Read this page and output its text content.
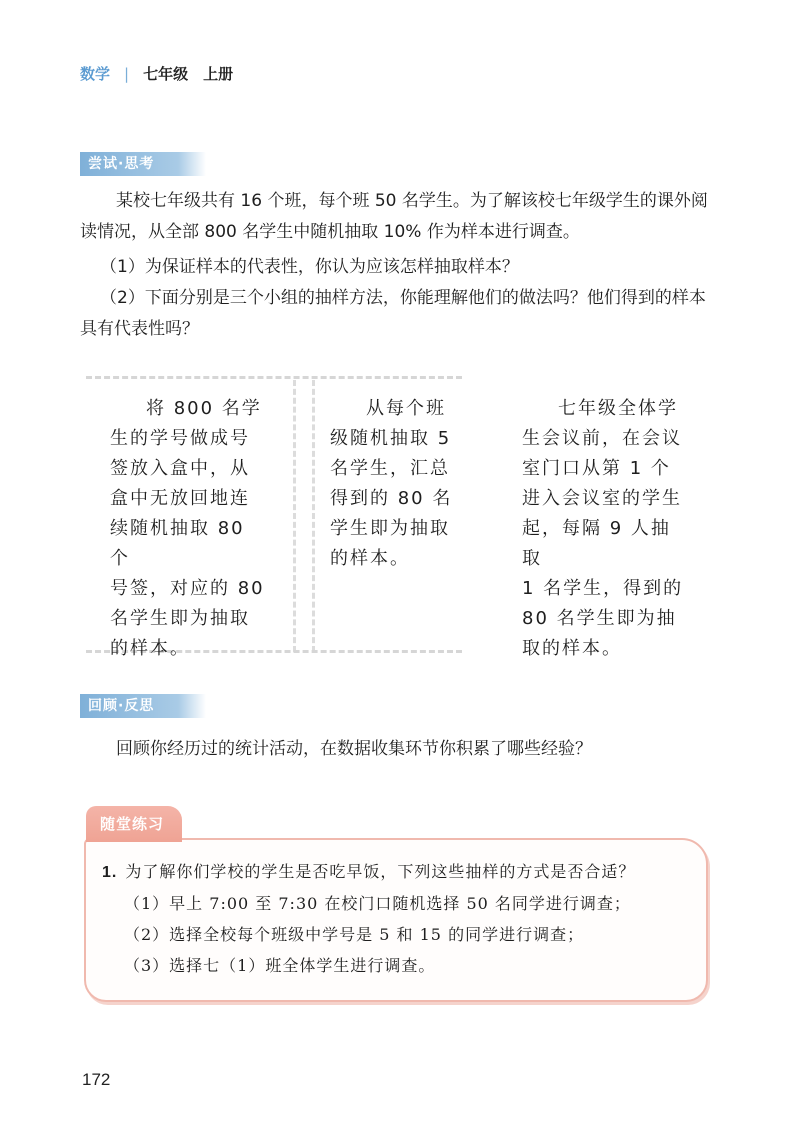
数学 | 七年级　上册
尝试·思考

某校七年级共有 16 个班，每个班 50 名学生。为了解该校七年级学生的课外阅读情况，从全部 800 名学生中随机抽取 10% 作为样本进行调查。

（1）为保证样本的代表性，你认为应该怎样抽取样本？

（2）下面分别是三个小组的抽样方法，你能理解他们的做法吗？他们得到的样本具有代表性吗？

将 800 名学

生的学号做成号

签放入盒中，从

盒中无放回地连

续随机抽取 80 个

号签，对应的 80

名学生即为抽取

的样本。

从每个班

级随机抽取 5

名学生，汇总

得到的 80 名

学生即为抽取

的样本。

七年级全体学

生会议前，在会议

室门口从第 1 个

进入会议室的学生

起，每隔 9 人抽取

1 名学生，得到的

80 名学生即为抽

取的样本。

回顾·反思

回顾你经历过的统计活动，在数据收集环节你积累了哪些经验？

随堂练习

1. 为了解你们学校的学生是否吃早饭，下列这些抽样的方式是否合适？

（1）早上 7:00 至 7:30 在校门口随机选择 50 名同学进行调查；

（2）选择全校每个班级中学号是 5 和 15 的同学进行调查；

（3）选择七（1）班全体学生进行调查。

172
